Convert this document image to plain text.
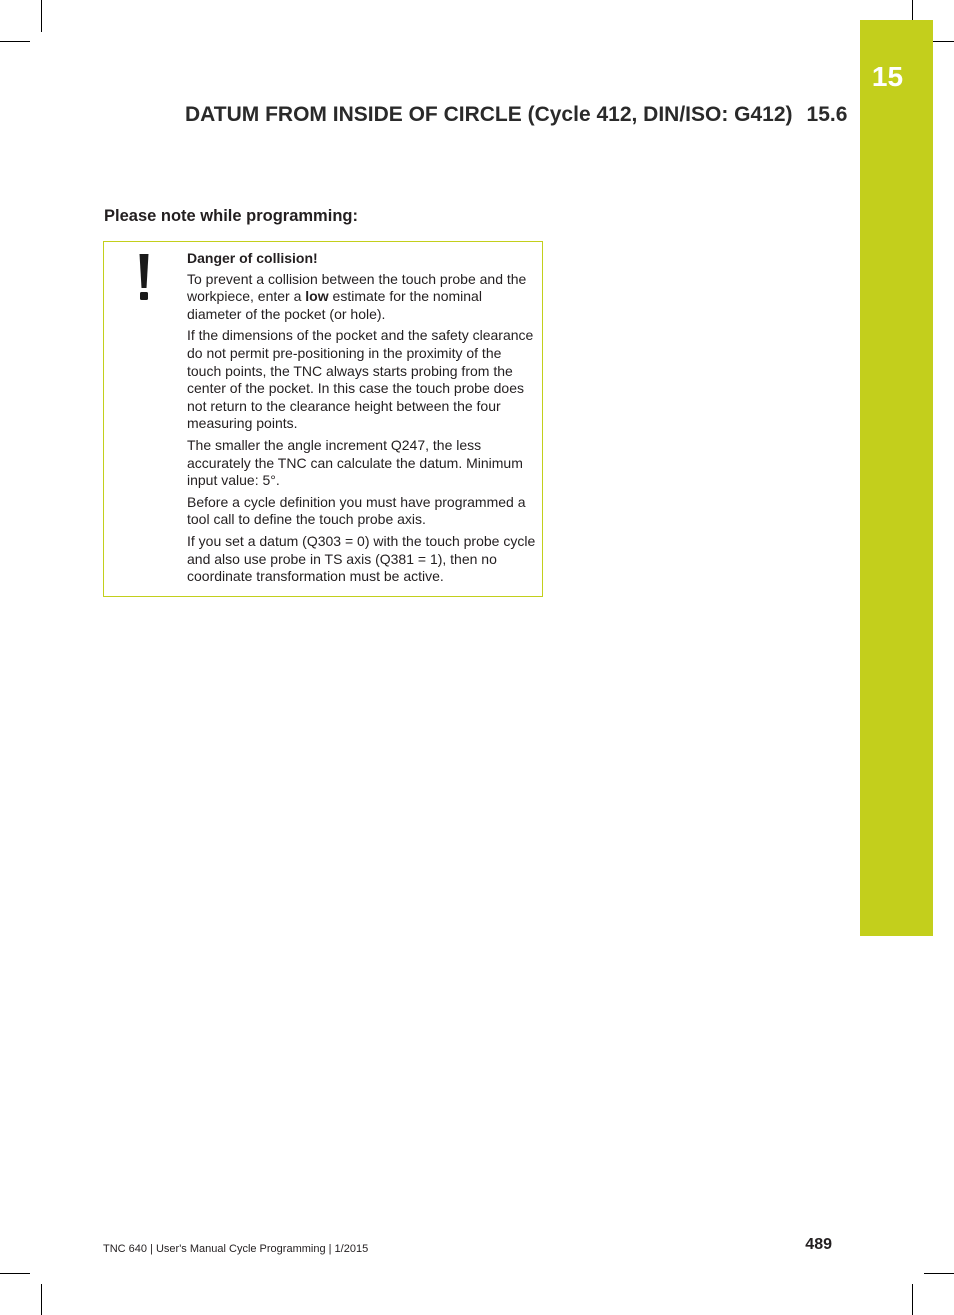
15
DATUM FROM INSIDE OF CIRCLE (Cycle 412, DIN/ISO: G412) 15.6
Please note while programming:

Danger of collision!

To prevent a collision between the touch probe and the workpiece, enter a low estimate for the nominal diameter of the pocket (or hole).

If the dimensions of the pocket and the safety clearance do not permit pre-positioning in the proximity of the touch points, the TNC always starts probing from the center of the pocket. In this case the touch probe does not return to the clearance height between the four measuring points.

The smaller the angle increment Q247, the less accurately the TNC can calculate the datum. Minimum input value: 5°.

Before a cycle definition you must have programmed a tool call to define the touch probe axis.

If you set a datum (Q303 = 0) with the touch probe cycle and also use probe in TS axis (Q381 = 1), then no coordinate transformation must be active.

TNC 640 | User's Manual Cycle Programming | 1/2015	489
